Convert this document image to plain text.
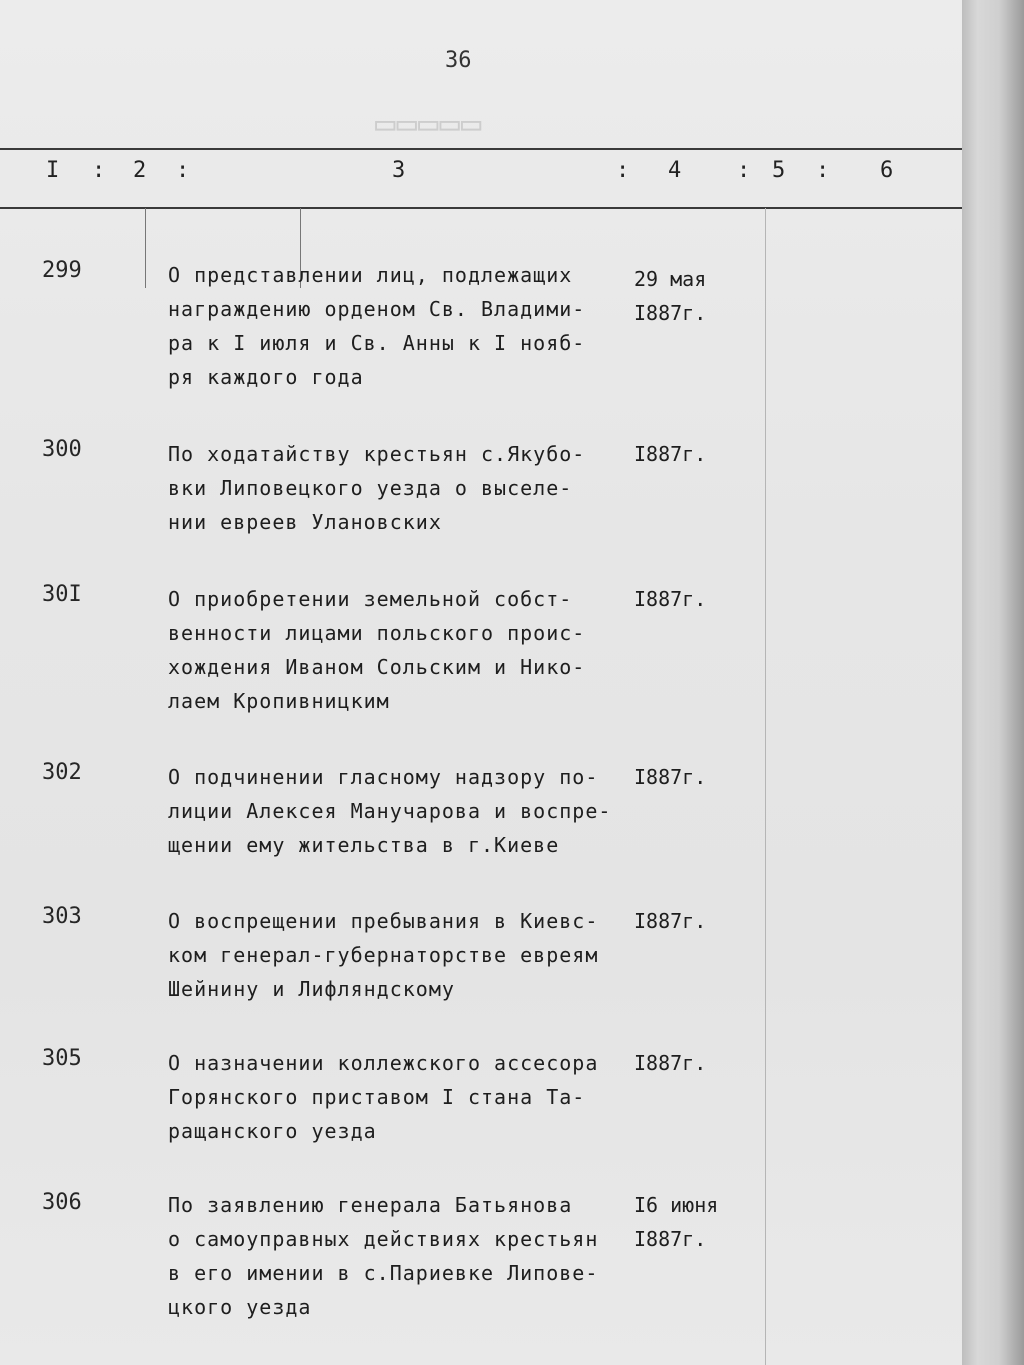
36
▭▭▭▭▭
I : 2 :	3	: 4	: 5 : 6
299	О представлении лиц, подлежащих
награждению орденом Св. Владими-
ра к I июля и Св. Анны к I нояб-
ря каждого года
29 мая
I887г.
300	По ходатайству крестьян с.Якубо-
вки Липовецкого уезда о выселе-
нии евреев Улановских
I887г.
30I	О приобретении земельной собст-
венности лицами польского проис-
хождения Иваном Сольским и Нико-
лаем Кропивницким
I887г.
302	О подчинении гласному надзору по-
лиции Алексея Манучарова и воспре-
щении ему жительства в г.Киеве
I887г.
303	О воспрещении пребывания в Киевс-
ком генерал-губернаторстве евреям
Шейнину и Лифляндскому
I887г.
305	О назначении коллежского ассесора
Горянского приставом I стана Та-
ращанского уезда
I887г.
306	По заявлению генерала Батьянова
о самоуправных действиях крестьян
в его имении в с.Париевке Липове-
цкого уезда
I6 июня
I887г.
